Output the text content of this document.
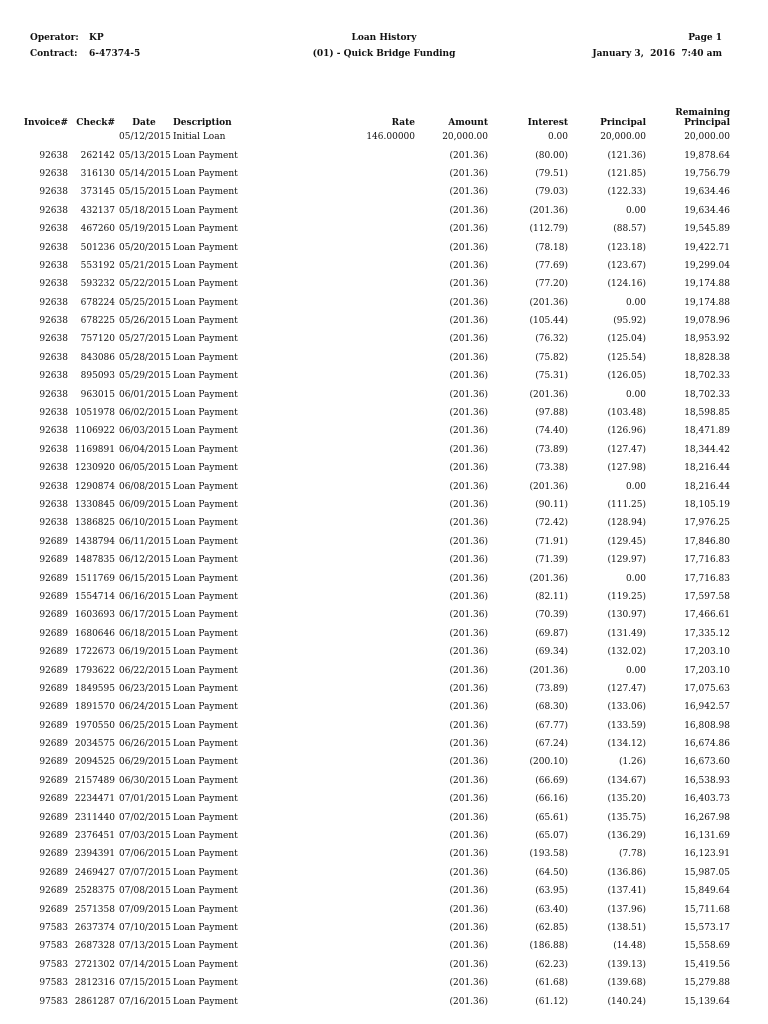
Operator: KP
Contract: 6-47374-5
Loan History
(01) - Quick Bridge Funding
Page 1
January 3,  2016  7:40 am
Invoice#	Check#	Date	Description	Rate	Amount	Interest	Principal	Remaining Principal
		05/12/2015	Initial Loan	146.00000	20,000.00	0.00	20,000.00	20,000.00
92638	262142	05/13/2015	Loan Payment		(201.36)	(80.00)	(121.36)	19,878.64
92638	316130	05/14/2015	Loan Payment		(201.36)	(79.51)	(121.85)	19,756.79
92638	373145	05/15/2015	Loan Payment		(201.36)	(79.03)	(122.33)	19,634.46
92638	432137	05/18/2015	Loan Payment		(201.36)	(201.36)	0.00	19,634.46
92638	467260	05/19/2015	Loan Payment		(201.36)	(112.79)	(88.57)	19,545.89
92638	501236	05/20/2015	Loan Payment		(201.36)	(78.18)	(123.18)	19,422.71
92638	553192	05/21/2015	Loan Payment		(201.36)	(77.69)	(123.67)	19,299.04
92638	593232	05/22/2015	Loan Payment		(201.36)	(77.20)	(124.16)	19,174.88
92638	678224	05/25/2015	Loan Payment		(201.36)	(201.36)	0.00	19,174.88
92638	678225	05/26/2015	Loan Payment		(201.36)	(105.44)	(95.92)	19,078.96
92638	757120	05/27/2015	Loan Payment		(201.36)	(76.32)	(125.04)	18,953.92
92638	843086	05/28/2015	Loan Payment		(201.36)	(75.82)	(125.54)	18,828.38
92638	895093	05/29/2015	Loan Payment		(201.36)	(75.31)	(126.05)	18,702.33
92638	963015	06/01/2015	Loan Payment		(201.36)	(201.36)	0.00	18,702.33
92638	1051978	06/02/2015	Loan Payment		(201.36)	(97.88)	(103.48)	18,598.85
92638	1106922	06/03/2015	Loan Payment		(201.36)	(74.40)	(126.96)	18,471.89
92638	1169891	06/04/2015	Loan Payment		(201.36)	(73.89)	(127.47)	18,344.42
92638	1230920	06/05/2015	Loan Payment		(201.36)	(73.38)	(127.98)	18,216.44
92638	1290874	06/08/2015	Loan Payment		(201.36)	(201.36)	0.00	18,216.44
92638	1330845	06/09/2015	Loan Payment		(201.36)	(90.11)	(111.25)	18,105.19
92638	1386825	06/10/2015	Loan Payment		(201.36)	(72.42)	(128.94)	17,976.25
92689	1438794	06/11/2015	Loan Payment		(201.36)	(71.91)	(129.45)	17,846.80
92689	1487835	06/12/2015	Loan Payment		(201.36)	(71.39)	(129.97)	17,716.83
92689	1511769	06/15/2015	Loan Payment		(201.36)	(201.36)	0.00	17,716.83
92689	1554714	06/16/2015	Loan Payment		(201.36)	(82.11)	(119.25)	17,597.58
92689	1603693	06/17/2015	Loan Payment		(201.36)	(70.39)	(130.97)	17,466.61
92689	1680646	06/18/2015	Loan Payment		(201.36)	(69.87)	(131.49)	17,335.12
92689	1722673	06/19/2015	Loan Payment		(201.36)	(69.34)	(132.02)	17,203.10
92689	1793622	06/22/2015	Loan Payment		(201.36)	(201.36)	0.00	17,203.10
92689	1849595	06/23/2015	Loan Payment		(201.36)	(73.89)	(127.47)	17,075.63
92689	1891570	06/24/2015	Loan Payment		(201.36)	(68.30)	(133.06)	16,942.57
92689	1970550	06/25/2015	Loan Payment		(201.36)	(67.77)	(133.59)	16,808.98
92689	2034575	06/26/2015	Loan Payment		(201.36)	(67.24)	(134.12)	16,674.86
92689	2094525	06/29/2015	Loan Payment		(201.36)	(200.10)	(1.26)	16,673.60
92689	2157489	06/30/2015	Loan Payment		(201.36)	(66.69)	(134.67)	16,538.93
92689	2234471	07/01/2015	Loan Payment		(201.36)	(66.16)	(135.20)	16,403.73
92689	2311440	07/02/2015	Loan Payment		(201.36)	(65.61)	(135.75)	16,267.98
92689	2376451	07/03/2015	Loan Payment		(201.36)	(65.07)	(136.29)	16,131.69
92689	2394391	07/06/2015	Loan Payment		(201.36)	(193.58)	(7.78)	16,123.91
92689	2469427	07/07/2015	Loan Payment		(201.36)	(64.50)	(136.86)	15,987.05
92689	2528375	07/08/2015	Loan Payment		(201.36)	(63.95)	(137.41)	15,849.64
92689	2571358	07/09/2015	Loan Payment		(201.36)	(63.40)	(137.96)	15,711.68
97583	2637374	07/10/2015	Loan Payment		(201.36)	(62.85)	(138.51)	15,573.17
97583	2687328	07/13/2015	Loan Payment		(201.36)	(186.88)	(14.48)	15,558.69
97583	2721302	07/14/2015	Loan Payment		(201.36)	(62.23)	(139.13)	15,419.56
97583	2812316	07/15/2015	Loan Payment		(201.36)	(61.68)	(139.68)	15,279.88
97583	2861287	07/16/2015	Loan Payment		(201.36)	(61.12)	(140.24)	15,139.64
